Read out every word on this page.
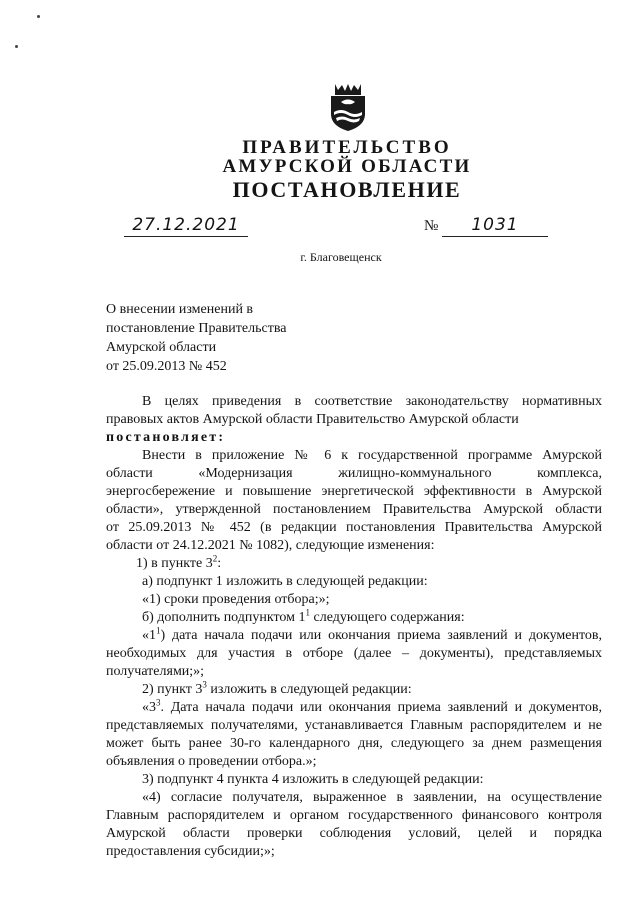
ПРАВИТЕЛЬСТВО
АМУРСКОЙ ОБЛАСТИ
ПОСТАНОВЛЕНИЕ
27.12.2021	№	1031
г. Благовещенск
О внесении изменений в
постановление Правительства
Амурской области
от 25.09.2013 № 452

В целях приведения в соответствие законодательству нормативных

правовых актов Амурской области Правительство Амурской области

постановляет:

Внести в приложение № 6 к государственной программе Амурской

области «Модернизация жилищно-коммунального комплекса,

энергосбережение и повышение энергетической эффективности в Амурской

области», утвержденной постановлением Правительства Амурской области

от 25.09.2013 № 452 (в редакции постановления Правительства Амурской

области от 24.12.2021 № 1082), следующие изменения:

1) в пункте $3^2$:

а) подпункт 1 изложить в следующей редакции:

«1) сроки проведения отбора;»;

б) дополнить подпунктом $1^1$ следующего содержания:

«$1^1$) дата начала подачи или окончания приема заявлений и документов,

необходимых для участия в отборе (далее – документы), представляемых

получателями;»;

2) пункт $3^3$ изложить в следующей редакции:

«$3^3$. Дата начала подачи или окончания приема заявлений и документов,

представляемых получателями, устанавливается Главным распорядителем и не

может быть ранее 30-го календарного дня, следующего за днем размещения

объявления о проведении отбора.»;

3) подпункт 4 пункта 4 изложить в следующей редакции:

«4) согласие получателя, выраженное в заявлении, на осуществление

Главным распорядителем и органом государственного финансового контроля

Амурской области проверки соблюдения условий, целей и порядка

предоставления субсидии;»;
